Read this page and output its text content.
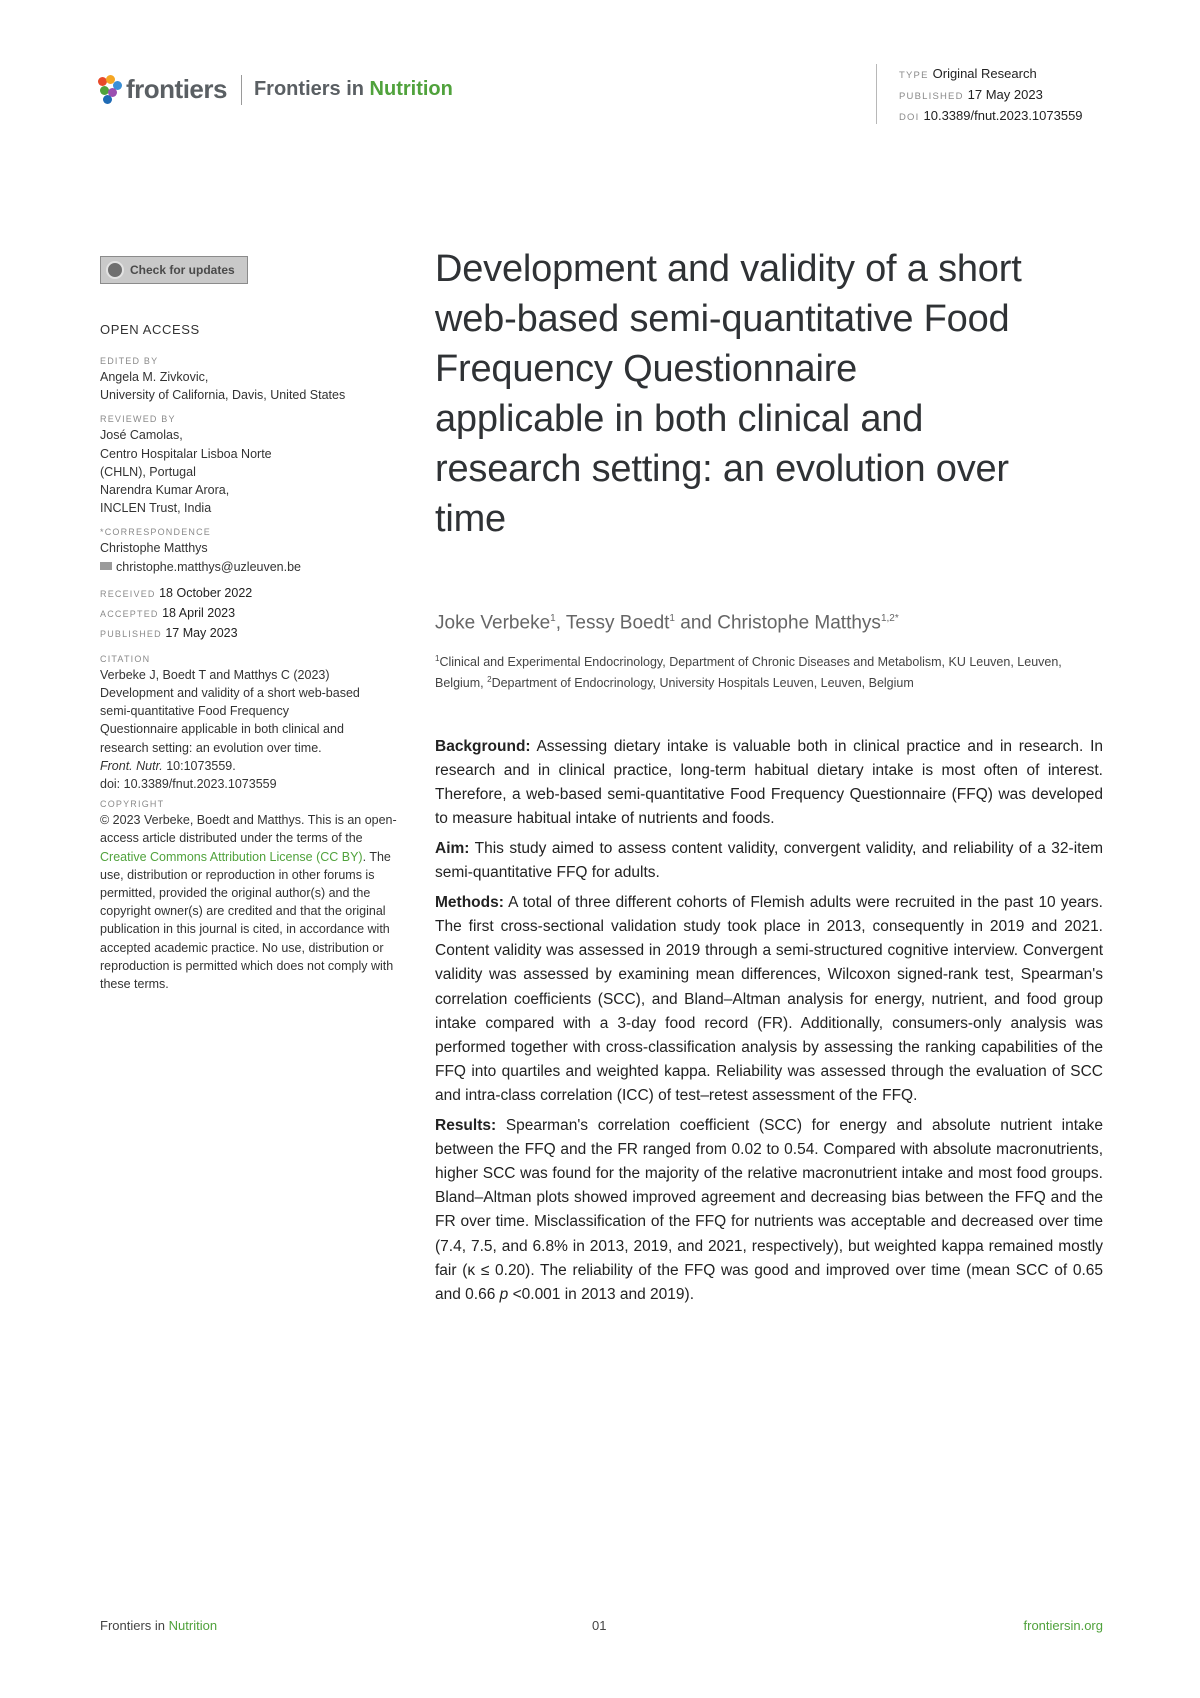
frontiers Frontiers in Nutrition
TYPE Original Research
PUBLISHED 17 May 2023
DOI 10.3389/fnut.2023.1073559
Check for updates
OPEN ACCESS
EDITED BY
Angela M. Zivkovic,
University of California, Davis, United States
REVIEWED BY
José Camolas,
Centro Hospitalar Lisboa Norte
(CHLN), Portugal
Narendra Kumar Arora,
INCLEN Trust, India
*CORRESPONDENCE
Christophe Matthys
christophe.matthys@uzleuven.be
RECEIVED 18 October 2022
ACCEPTED 18 April 2023
PUBLISHED 17 May 2023
CITATION
Verbeke J, Boedt T and Matthys C (2023)
Development and validity of a short web-based
semi-quantitative Food Frequency
Questionnaire applicable in both clinical and
research setting: an evolution over time.
Front. Nutr. 10:1073559.
doi: 10.3389/fnut.2023.1073559
COPYRIGHT
© 2023 Verbeke, Boedt and Matthys. This is an open-access article distributed under the terms of the Creative Commons Attribution License (CC BY). The use, distribution or reproduction in other forums is permitted, provided the original author(s) and the copyright owner(s) are credited and that the original publication in this journal is cited, in accordance with accepted academic practice. No use, distribution or reproduction is permitted which does not comply with these terms.
Development and validity of a short web-based semi-quantitative Food Frequency Questionnaire applicable in both clinical and research setting: an evolution over time
Joke Verbeke$^1$, Tessy Boedt$^1$ and Christophe Matthys$^{1,2*}$
$^1$Clinical and Experimental Endocrinology, Department of Chronic Diseases and Metabolism, KU Leuven, Leuven, Belgium, $^2$Department of Endocrinology, University Hospitals Leuven, Leuven, Belgium

Background: Assessing dietary intake is valuable both in clinical practice and in research. In research and in clinical practice, long-term habitual dietary intake is most often of interest. Therefore, a web-based semi-quantitative Food Frequency Questionnaire (FFQ) was developed to measure habitual intake of nutrients and foods.

Aim: This study aimed to assess content validity, convergent validity, and reliability of a 32-item semi-quantitative FFQ for adults.

Methods: A total of three different cohorts of Flemish adults were recruited in the past 10 years. The first cross-sectional validation study took place in 2013, consequently in 2019 and 2021. Content validity was assessed in 2019 through a semi-structured cognitive interview. Convergent validity was assessed by examining mean differences, Wilcoxon signed-rank test, Spearman's correlation coefficients (SCC), and Bland–Altman analysis for energy, nutrient, and food group intake compared with a 3-day food record (FR). Additionally, consumers-only analysis was performed together with cross-classification analysis by assessing the ranking capabilities of the FFQ into quartiles and weighted kappa. Reliability was assessed through the evaluation of SCC and intra-class correlation (ICC) of test–retest assessment of the FFQ.

Results: Spearman's correlation coefficient (SCC) for energy and absolute nutrient intake between the FFQ and the FR ranged from 0.02 to 0.54. Compared with absolute macronutrients, higher SCC was found for the majority of the relative macronutrient intake and most food groups. Bland–Altman plots showed improved agreement and decreasing bias between the FFQ and the FR over time. Misclassification of the FFQ for nutrients was acceptable and decreased over time (7.4, 7.5, and 6.8% in 2013, 2019, and 2021, respectively), but weighted kappa remained mostly fair (κ ≤ 0.20). The reliability of the FFQ was good and improved over time (mean SCC of 0.65 and 0.66 p <0.001 in 2013 and 2019).

Frontiers in Nutrition	01	frontiersin.org
